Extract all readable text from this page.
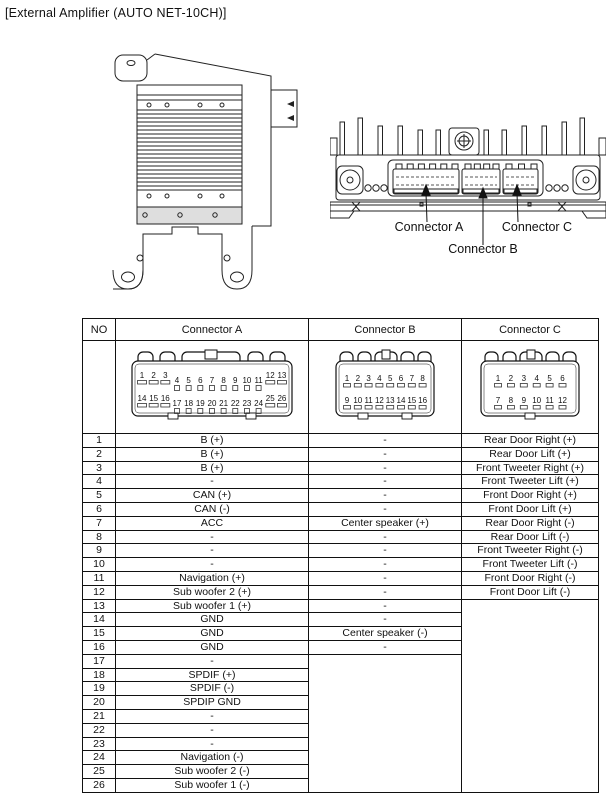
[External Amplifier (AUTO NET-10CH)]
Connector A
Connector B
Connector C
NO	Connector A	Connector B	Connector C

1 2 3
4 5 6 7 8 9 10 11
12 13
14 15 16
17 18 19 20 21 22 23 24
25 26

1 2 3 4 5 6 7 8
9 10 11 12 13 14 15 16

1 2 3 4 5 6
7 8 9 10 11 12

1	B (+)	-	Rear Door Right (+)
2	B (+)	-	Rear Door Lift (+)
3	B (+)	-	Front Tweeter Right (+)
4	-	-	Front Tweeter Lift (+)
5	CAN (+)	-	Front Door Right (+)
6	CAN (-)	-	Front Door Lift (+)
7	ACC	Center speaker (+)	Rear Door Right (-)
8	-	-	Rear Door Lift (-)
9	-	-	Front Tweeter Right (-)
10	-	-	Front Tweeter Lift (-)
11	Navigation (+)	-	Front Door Right (-)
12	Sub woofer 2 (+)	-	Front Door Lift (-)
13	Sub woofer 1 (+)	-	
14	GND	-	
15	GND	Center speaker (-)	
16	GND	-	
17	-		
18	SPDIF (+)		
19	SPDIF (-)		
20	SPDIP GND		
21	-		
22	-		
23	-		
24	Navigation (-)		
25	Sub woofer 2 (-)		
26	Sub woofer 1 (-)		
